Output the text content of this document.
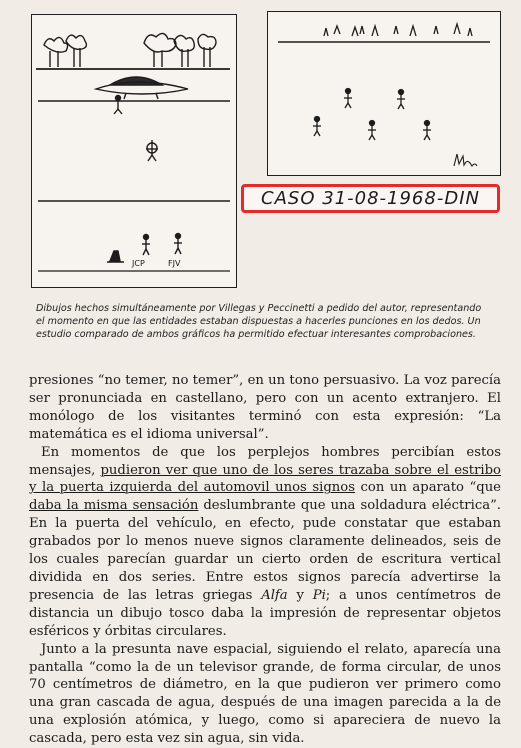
JCP	FJV
CASO 31-08-1968-DIN
Dibujos hechos simultáneamente por Villegas y Peccinetti a pedido del autor, representando el momento en que las entidades estaban dispuestas a hacerles punciones en los dedos. Un estudio comparado de ambos gráficos ha permitido efectuar interesantes comprobaciones.

presiones “no temer, no temer”, en un tono persuasivo. La voz parecía ser pronunciada en castellano, pero con un acento extranjero. El monólogo de los visitantes terminó con esta expresión: “La matemática es el idioma universal”.

En momentos de que los perplejos hombres percibían estos mensajes, pudieron ver que uno de los seres trazaba sobre el estribo y la puerta izquierda del automovil unos signos con un aparato “que daba la misma sensación deslumbrante que una soldadura eléctrica”. En la puerta del vehículo, en efecto, pude constatar que estaban grabados por lo menos nueve signos claramente delineados, seis de los cuales parecían guardar un cierto orden de escritura vertical dividida en dos series. Entre estos signos parecía advertirse la presencia de las letras griegas Alfa y Pi; a unos centímetros de distancia un dibujo tosco daba la impresión de representar objetos esféricos y órbitas circulares.

Junto a la presunta nave espacial, siguiendo el relato, aparecía una pantalla “como la de un televisor grande, de forma circular, de unos 70 centímetros de diámetro, en la que pudieron ver primero como una gran cascada de agua, después de una imagen parecida a la de una explosión atómica, y luego, como si apareciera de nuevo la cascada, pero esta vez sin agua, sin vida.
